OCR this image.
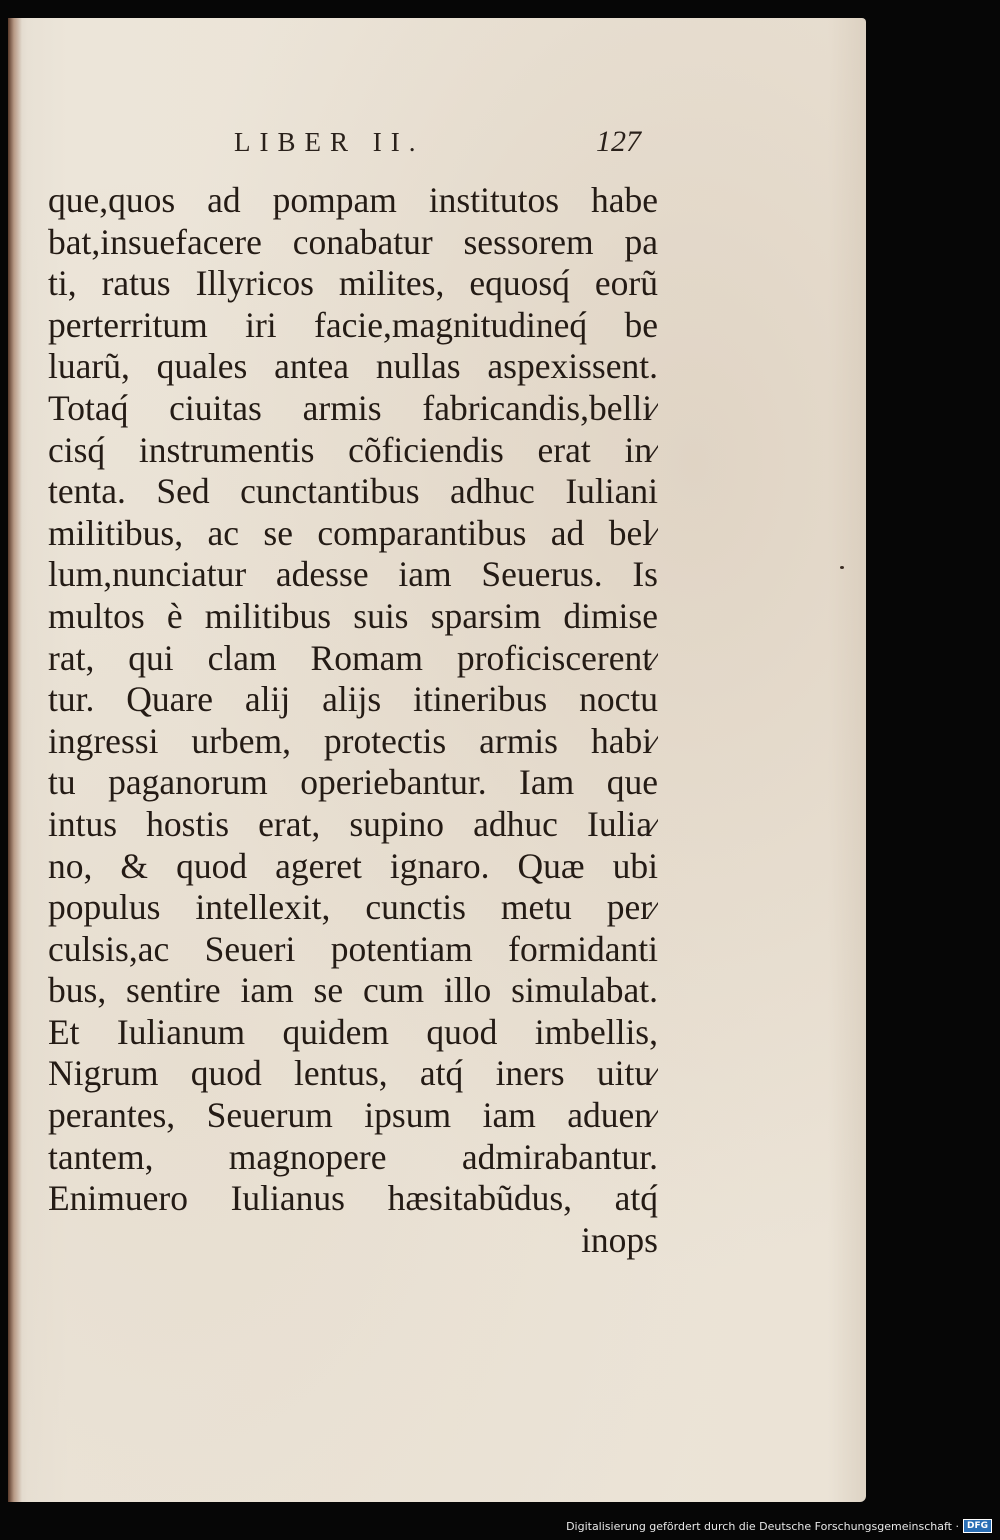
LIBER II.	127
que,quos ad pompam institutos habe
bat,insuefacere conabatur sessorem pa
ti, ratus Illyricos milites, equosq́ eorũ
perterritum iri facie,magnitudineq́ be
luarũ, quales antea nullas aspexissent.
Totaq́ ciuitas armis fabricandis,belli⁄
cisq́ instrumentis cõficiendis erat in⁄
tenta. Sed cunctantibus adhuc Iuliani
militibus, ac se comparantibus ad bel⁄
lum,nunciatur adesse iam Seuerus. Is
multos è militibus suis sparsim dimise
rat, qui clam Romam proficiscerent⁄
tur. Quare alij alijs itineribus noctu
ingressi urbem, protectis armis habi⁄
tu paganorum operiebantur. Iam que
intus hostis erat, supino adhuc Iulia⁄
no, & quod ageret ignaro. Quæ ubi
populus intellexit, cunctis metu per⁄
culsis,ac Seueri potentiam formidanti
bus, sentire iam se cum illo simulabat.
Et Iulianum quidem quod imbellis,
Nigrum quod lentus, atq́ iners uitu⁄
perantes, Seuerum ipsum iam aduen⁄
tantem, magnopere admirabantur.
Enimuero Iulianus hæsitabũdus, atq́
inops
Digitalisierung gefördert durch die Deutsche Forschungsgemeinschaft · DFG
